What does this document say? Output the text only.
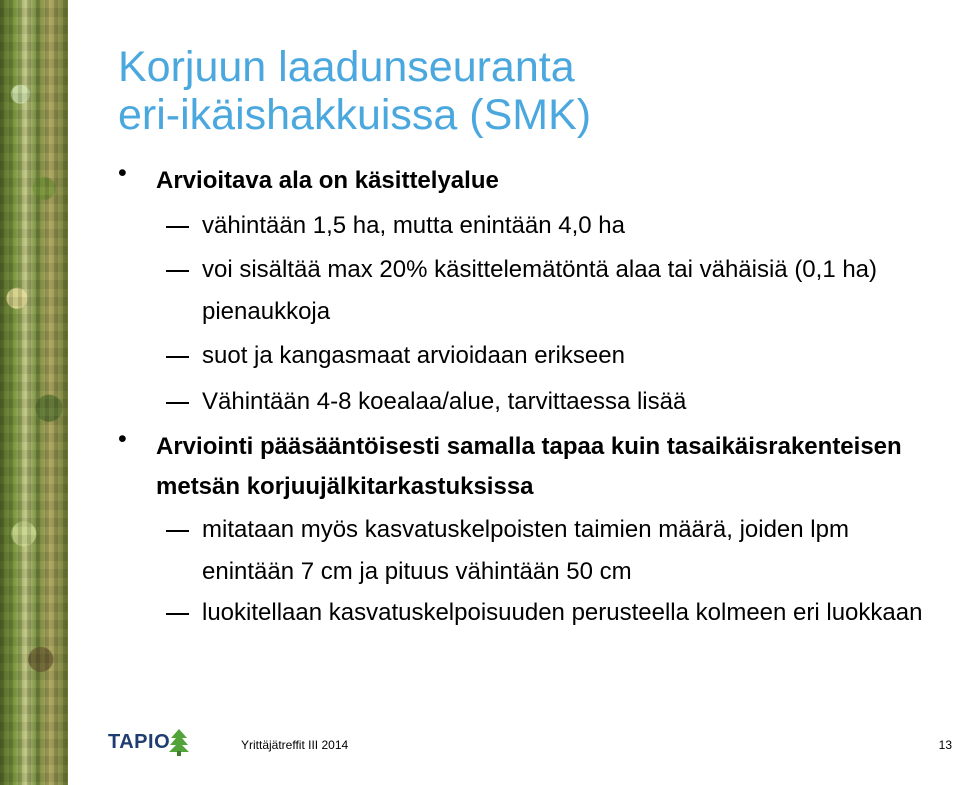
Korjuun laadunseuranta
eri-ikäishakkuissa (SMK)
•	Arvioitava ala on käsittelyalue

vähintään 1,5 ha, mutta enintään 4,0 ha

voi sisältää max 20% käsittelemätöntä alaa tai vähäisiä (0,1 ha) pienaukkoja

suot ja kangasmaat arvioidaan erikseen

Vähintään 4-8 koealaa/alue, tarvittaessa lisää

•	Arviointi pääsääntöisesti samalla tapaa kuin tasaikäisrakenteisen metsän korjuujälkitarkastuksissa

mitataan myös kasvatuskelpoisten taimien määrä, joiden lpm enintään 7 cm ja pituus vähintään 50 cm

luokitellaan kasvatuskelpoisuuden perusteella kolmeen eri luokkaan

TAPIO	Yrittäjätreffit III 2014	13
